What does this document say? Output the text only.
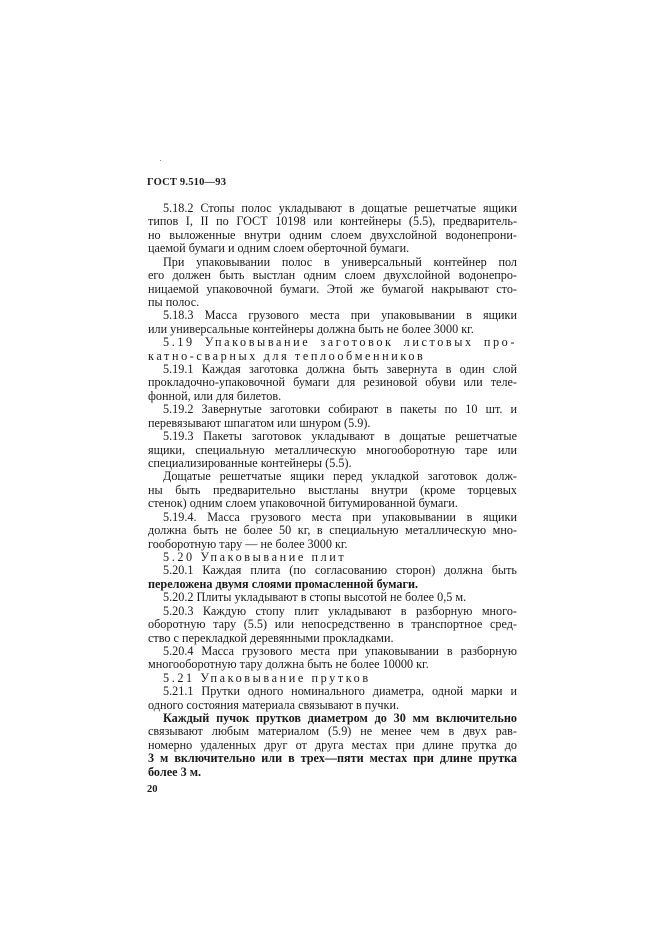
ГОСТ 9.510—93
5.18.2 Стопы полос укладывают в дощатые решетчатые ящики
типов I, II по ГОСТ 10198 или контейнеры (5.5), предваритель-
но выложенные внутри одним слоем двухслойной водонепрони-
цаемой бумаги и одним слоем оберточной бумаги.
При упаковывании полос в универсальный контейнер пол
его должен быть выстлан одним слоем двухслойной водонепро-
ницаемой упаковочной бумаги. Этой же бумагой накрывают сто-
пы полос.
5.18.3 Масса грузового места при упаковывании в ящики
или универсальные контейнеры должна быть не более 3000 кг.
5.19 Упаковывание заготовок листовых про-
катно-сварных для теплообменников
5.19.1 Каждая заготовка должна быть завернута в один слой
прокладочно-упаковочной бумаги для резиновой обуви или теле-
фонной, или для билетов.
5.19.2 Завернутые заготовки собирают в пакеты по 10 шт. и
перевязывают шпагатом или шнуром (5.9).
5.19.3 Пакеты заготовок укладывают в дощатые решетчатые
ящики, специальную металлическую многооборотную таре или
специализированные контейнеры (5.5).
Дощатые решетчатые ящики перед укладкой заготовок долж-
ны быть предварительно выстланы внутри (кроме торцевых
стенок) одним слоем упаковочной битумированной бумаги.
5.19.4. Масса грузового места при упаковывании в ящики
должна быть не более 50 кг, в специальную металлическую мно-
гооборотную тару — не более 3000 кг.
5.20 Упаковывание плит
5.20.1 Каждая плита (по согласованию сторон) должна быть
переложена двумя слоями промасленной бумаги.
5.20.2 Плиты укладывают в стопы высотой не более 0,5 м.
5.20.3 Каждую стопу плит укладывают в разборную много-
оборотную тару (5.5) или непосредственно в транспортное сред-
ство с перекладкой деревянными прокладками.
5.20.4 Масса грузового места при упаковывании в разборную
многооборотную тару должна быть не более 10000 кг.
5.21 Упаковывание прутков
5.21.1 Прутки одного номинального диаметра, одной марки и
одного состояния материала связывают в пучки.
Каждый пучок прутков диаметром до 30 мм включительно
связывают любым материалом (5.9) не менее чем в двух рав-
номерно удаленных друг от друга местах при длине прутка до
3 м включительно или в трех—пяти местах при длине прутка
более 3 м.
20
